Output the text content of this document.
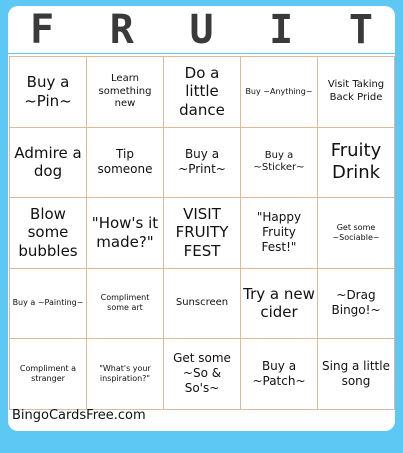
F R U I T
Buy a ~Pin~
Learn something new
Do a little dance
Buy ~Anything~
Visit Taking Back Pride
Admire a dog
Tip someone
Buy a ~Print~
Buy a ~Sticker~
Fruity Drink
Blow some bubbles
"How's it made?"
VISIT FRUITY FEST
"Happy Fruity Fest!"
Get some ~Sociable~
Buy a ~Painting~
Compliment some art	Sunscreen	Try a new cider
~Drag Bingo!~
Compliment a stranger
"What's your inspiration?"
Get some ~So & So's~
Buy a ~Patch~
Sing a little song
BingoCardsFree.com
